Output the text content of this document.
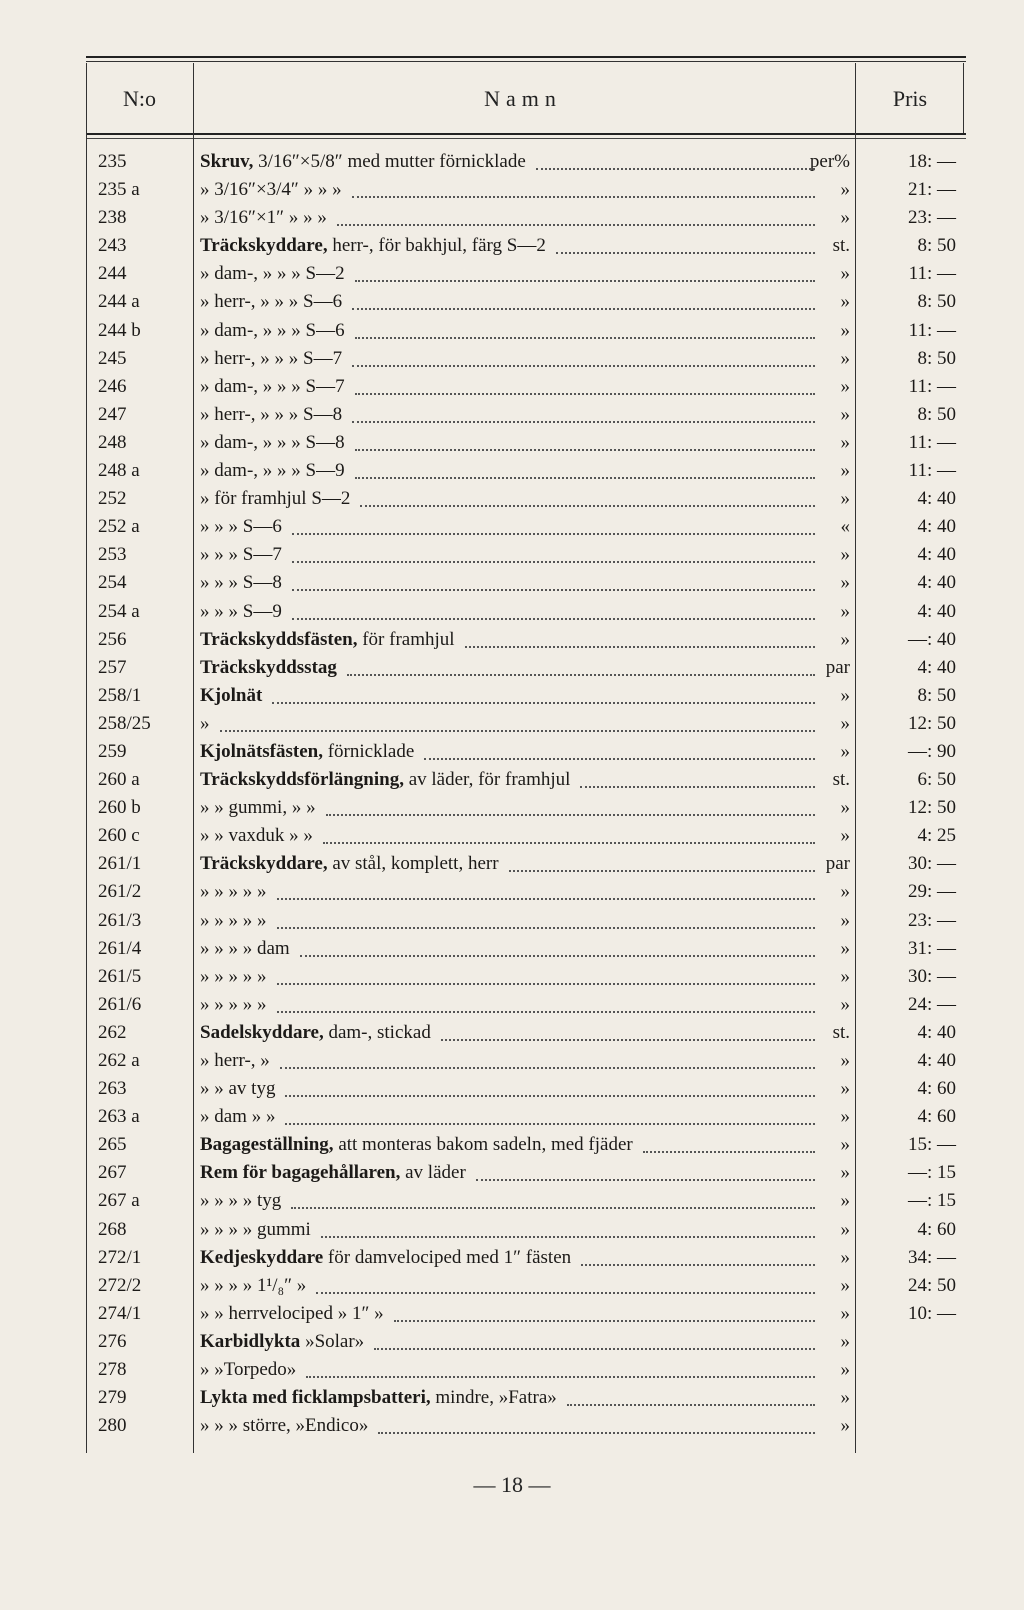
N:o	Namn	Pris
235	Skruv, 3/16″×5/8″ med mutter förnicklade	per%	18: —
235 a	» 3/16″×3/4″ » » »	»	21: —
238	» 3/16″×1″ » » »	»	23: —
243	Träckskyddare, herr-, för bakhjul, färg S—2	st.	8: 50
244	» dam-, » » » S—2	»	11: —
244 a	» herr-, » » » S—6	»	8: 50
244 b	» dam-, » » » S—6	»	11: —
245	» herr-, » » » S—7	»	8: 50
246	» dam-, » » » S—7	»	11: —
247	» herr-, » » » S—8	»	8: 50
248	» dam-, » » » S—8	»	11: —
248 a	» dam-, » » » S—9	»	11: —
252	» för framhjul S—2	»	4: 40
252 a	» » » S—6	«	4: 40
253	» » » S—7	»	4: 40
254	» » » S—8	»	4: 40
254 a	» » » S—9	»	4: 40
256	Träckskyddsfästen, för framhjul	»	—: 40
257	Träckskyddsstag	par	4: 40
258/1	Kjolnät	»	8: 50
258/25	»	»	12: 50
259	Kjolnätsfästen, förnicklade	»	—: 90
260 a	Träckskyddsförlängning, av läder, för framhjul	st.	6: 50
260 b	» » gummi, » »	»	12: 50
260 c	» » vaxduk » »	»	4: 25
261/1	Träckskyddare, av stål, komplett, herr	par	30: —
261/2	» » » » »	»	29: —
261/3	» » » » »	»	23: —
261/4	» » » » dam	»	31: —
261/5	» » » » »	»	30: —
261/6	» » » » »	»	24: —
262	Sadelskyddare, dam-, stickad	st.	4: 40
262 a	» herr-, »	»	4: 40
263	» » av tyg	»	4: 60
263 a	» dam » »	»	4: 60
265	Bagageställning, att monteras bakom sadeln, med fjäder	»	15: —
267	Rem för bagagehållaren, av läder	»	—: 15
267 a	» » » » tyg	»	—: 15
268	» » » » gummi	»	4: 60
272/1	Kedjeskyddare för damvelociped med 1″ fästen	»	34: —
272/2	» » » » 1¹/₈″ »	»	24: 50
274/1	» » herrvelociped » 1″ »	»	10: —
276	Karbidlykta »Solar»	»
278	» »Torpedo»	»
279	Lykta med ficklampsbatteri, mindre, »Fatra»	»
280	» » » större, »Endico»	»
— 18 —
